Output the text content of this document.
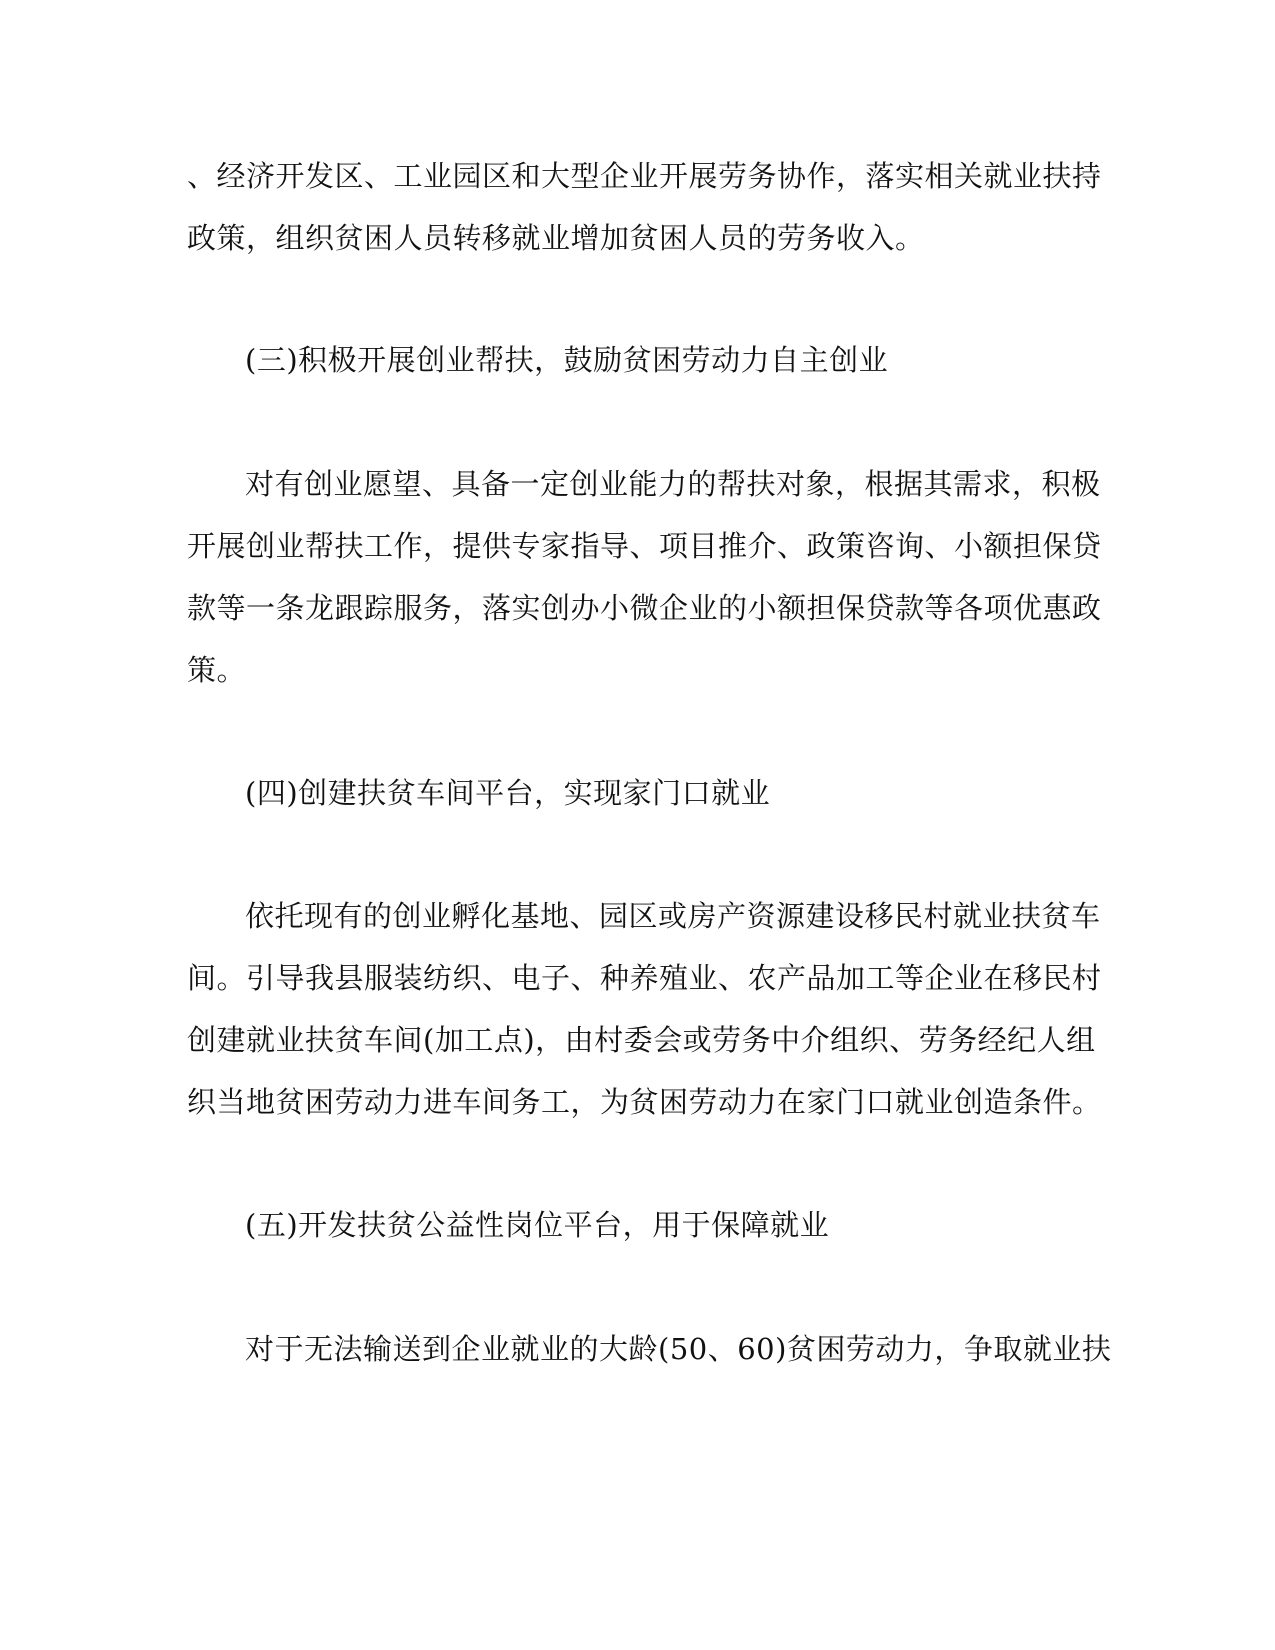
、经济开发区、工业园区和大型企业开展劳务协作，落实相关就业扶持
政策，组织贫困人员转移就业增加贫困人员的劳务收入。
(三)积极开展创业帮扶，鼓励贫困劳动力自主创业
对有创业愿望、具备一定创业能力的帮扶对象，根据其需求，积极
开展创业帮扶工作，提供专家指导、项目推介、政策咨询、小额担保贷
款等一条龙跟踪服务，落实创办小微企业的小额担保贷款等各项优惠政
策。
(四)创建扶贫车间平台，实现家门口就业
依托现有的创业孵化基地、园区或房产资源建设移民村就业扶贫车
间。引导我县服装纺织、电子、种养殖业、农产品加工等企业在移民村
创建就业扶贫车间(加工点)，由村委会或劳务中介组织、劳务经纪人组
织当地贫困劳动力进车间务工，为贫困劳动力在家门口就业创造条件。
(五)开发扶贫公益性岗位平台，用于保障就业
对于无法输送到企业就业的大龄(50、60)贫困劳动力，争取就业扶
